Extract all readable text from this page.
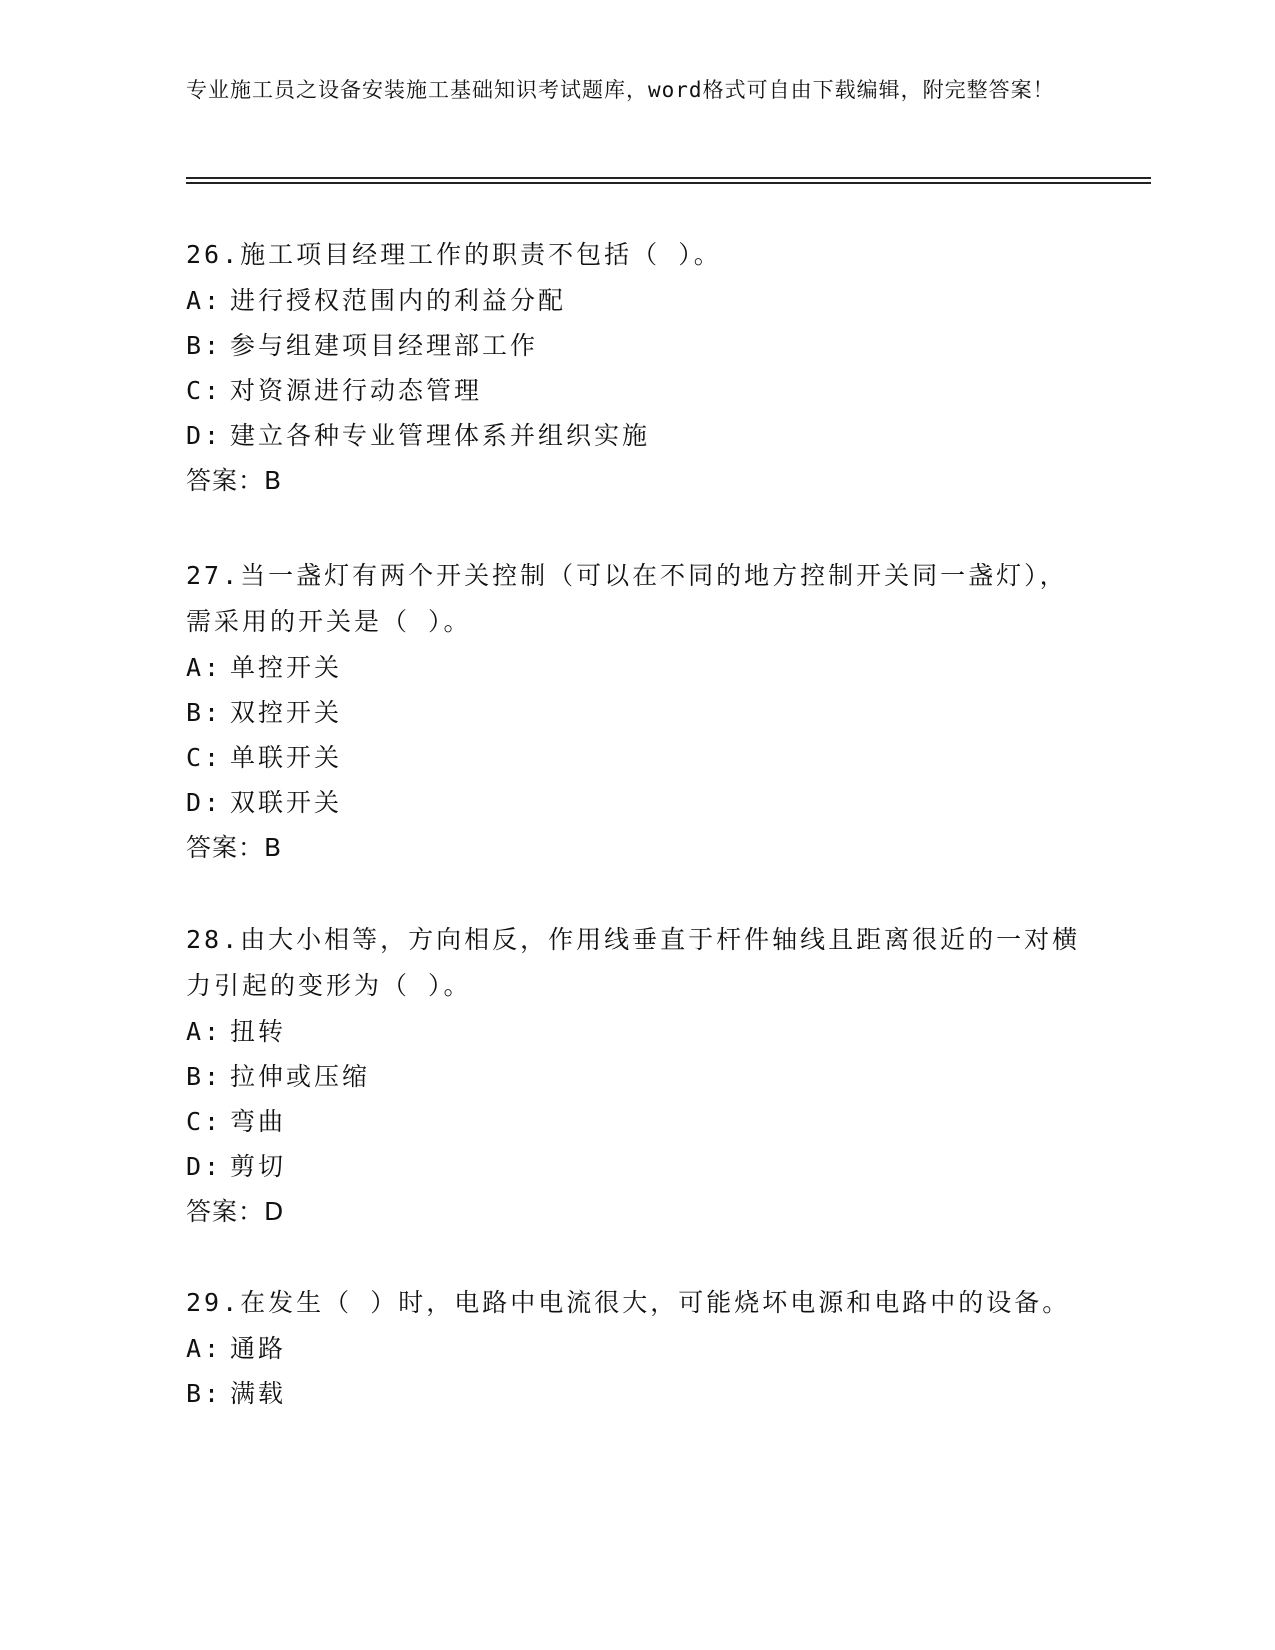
专业施工员之设备安装施工基础知识考试题库，word格式可自由下载编辑，附完整答案！
26.施工项目经理工作的职责不包括（ ）。
A: 进行授权范围内的利益分配
B: 参与组建项目经理部工作
C: 对资源进行动态管理
D: 建立各种专业管理体系并组织实施
答案：B
27.当一盏灯有两个开关控制（可以在不同的地方控制开关同一盏灯），需采用的开关是（ ）。
A: 单控开关
B: 双控开关
C: 单联开关
D: 双联开关
答案：B
28.由大小相等，方向相反，作用线垂直于杆件轴线且距离很近的一对横力引起的变形为（ ）。
A: 扭转
B: 拉伸或压缩
C: 弯曲
D: 剪切
答案：D
29.在发生（ ）时，电路中电流很大，可能烧坏电源和电路中的设备。
A: 通路
B: 满载
